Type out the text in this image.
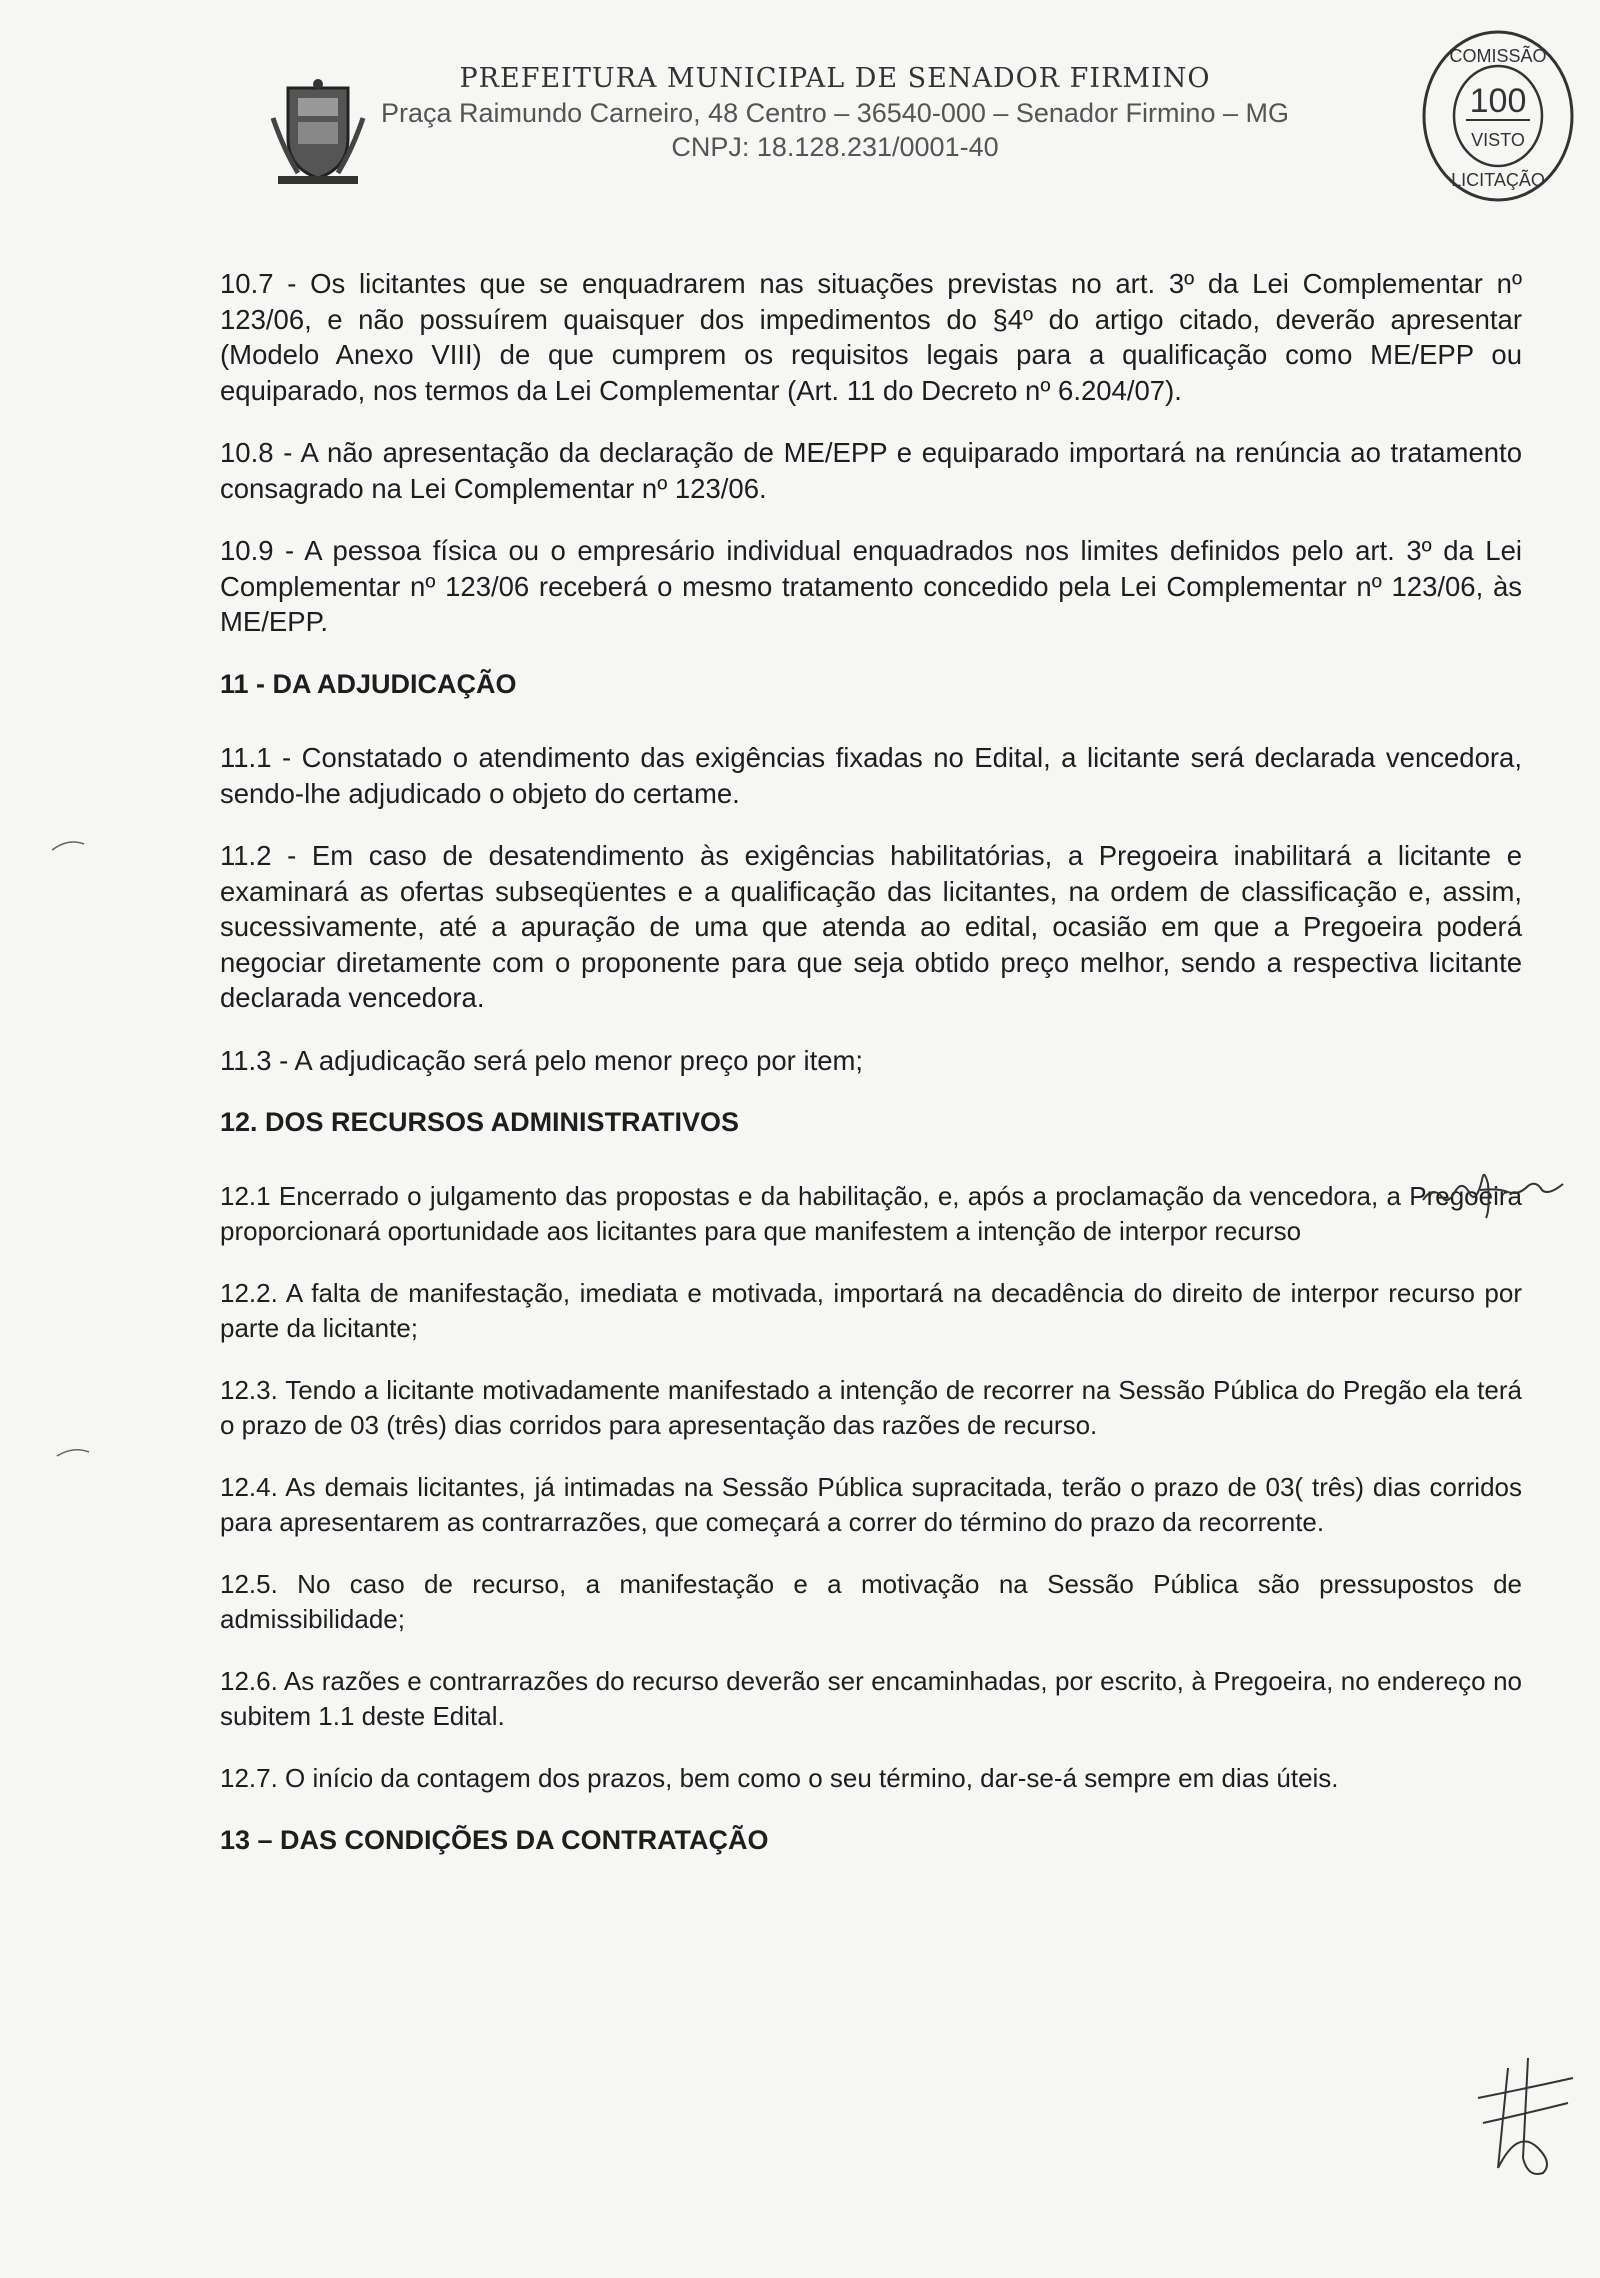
PREFEITURA MUNICIPAL DE SENADOR FIRMINO
Praça Raimundo Carneiro, 48 Centro – 36540-000 – Senador Firmino – MG
CNPJ: 18.128.231/0001-40
COMISSÃO
100
VISTO
LICITAÇÃO

10.7 - Os licitantes que se enquadrarem nas situações previstas no art. 3º da Lei Complementar nº 123/06, e não possuírem quaisquer dos impedimentos do §4º do artigo citado, deverão apresentar (Modelo Anexo VIII) de que cumprem os requisitos legais para a qualificação como ME/EPP ou equiparado, nos termos da Lei Complementar (Art. 11 do Decreto nº 6.204/07).

10.8 - A não apresentação da declaração de ME/EPP e equiparado importará na renúncia ao tratamento consagrado na Lei Complementar nº 123/06.

10.9 - A pessoa física ou o empresário individual enquadrados nos limites definidos pelo art. 3º da Lei Complementar nº 123/06 receberá o mesmo tratamento concedido pela Lei Complementar nº 123/06, às ME/EPP.

11 - DA ADJUDICAÇÃO

11.1 - Constatado o atendimento das exigências fixadas no Edital, a licitante será declarada vencedora, sendo-lhe adjudicado o objeto do certame.

11.2 - Em caso de desatendimento às exigências habilitatórias, a Pregoeira inabilitará a licitante e examinará as ofertas subseqüentes e a qualificação das licitantes, na ordem de classificação e, assim, sucessivamente, até a apuração de uma que atenda ao edital, ocasião em que a Pregoeira poderá negociar diretamente com o proponente para que seja obtido preço melhor, sendo a respectiva licitante declarada vencedora.

11.3 - A adjudicação será pelo menor preço por item;

12. DOS RECURSOS ADMINISTRATIVOS

12.1 Encerrado o julgamento das propostas e da habilitação, e, após a proclamação da vencedora, a Pregoeira proporcionará oportunidade aos licitantes para que manifestem a intenção de interpor recurso

12.2. A falta de manifestação, imediata e motivada, importará na decadência do direito de interpor recurso por parte da licitante;

12.3. Tendo a licitante motivadamente manifestado a intenção de recorrer na Sessão Pública do Pregão ela terá o prazo de 03 (três) dias corridos para apresentação das razões de recurso.

12.4. As demais licitantes, já intimadas na Sessão Pública supracitada, terão o prazo de 03( três) dias corridos para apresentarem as contrarrazões, que começará a correr do término do prazo da recorrente.

12.5. No caso de recurso, a manifestação e a motivação na Sessão Pública são pressupostos de admissibilidade;

12.6. As razões e contrarrazões do recurso deverão ser encaminhadas, por escrito, à Pregoeira, no endereço no subitem 1.1 deste Edital.

12.7. O início da contagem dos prazos, bem como o seu término, dar-se-á sempre em dias úteis.

13 – DAS CONDIÇÕES DA CONTRATAÇÃO
